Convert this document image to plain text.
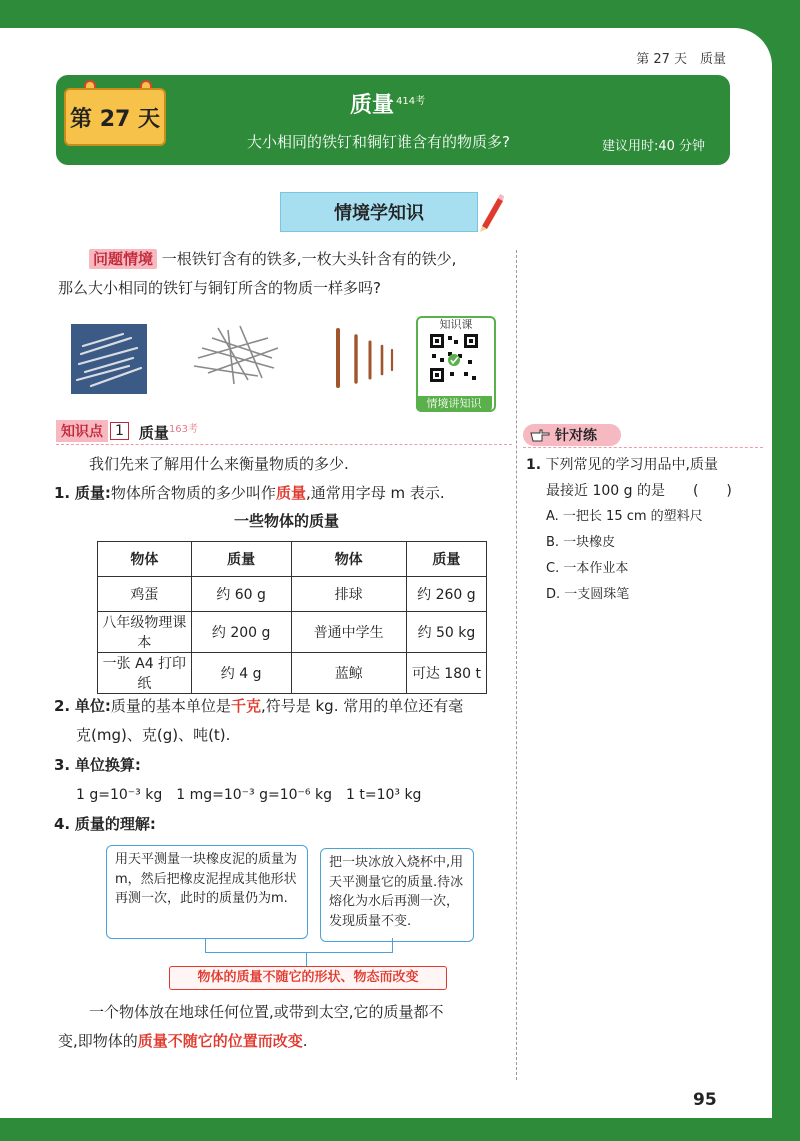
第 27 天　质量
第 27 天
质量 $^{414考}$
大小相同的铁钉和铜钉谁含有的物质多?	建议用时:40 分钟
情境学知识
问题情境 一根铁钉含有的铁多,一枚大头针含有的铁少,
那么大小相同的铁钉与铜钉所含的物质一样多吗?
知识课
情境讲知识
知识点 1	质量$^{163考}$
我们先来了解用什么来衡量物质的多少.
1. 质量:物体所含物质的多少叫作质量,通常用字母 m 表示.
一些物体的质量
物体	质量	物体	质量
鸡蛋	约 60 g	排球	约 260 g
八年级物理课本	约 200 g	普通中学生	约 50 kg
一张 A4 打印纸	约 4 g	蓝鲸	可达 180 t
2. 单位:质量的基本单位是千克,符号是 kg. 常用的单位还有毫
克(mg)、克(g)、吨(t).
3. 单位换算:
1 g=10⁻³ kg　1 mg=10⁻³ g=10⁻⁶ kg　1 t=10³ kg
4. 质量的理解:
用天平测量一块橡皮泥的质量为m，然后把橡皮泥捏成其他形状再测一次，此时的质量仍为m.
把一块冰放入烧杯中,用天平测量它的质量.待冰熔化为水后再测一次，发现质量不变.
物体的质量不随它的形状、物态而改变
一个物体放在地球任何位置,或带到太空,它的质量都不
变,即物体的质量不随它的位置而改变.
针对练
1. 下列常见的学习用品中,质量
最接近 100 g 的是　　(　　)
A. 一把长 15 cm 的塑料尺
B. 一块橡皮
C. 一本作业本
D. 一支圆珠笔
95
